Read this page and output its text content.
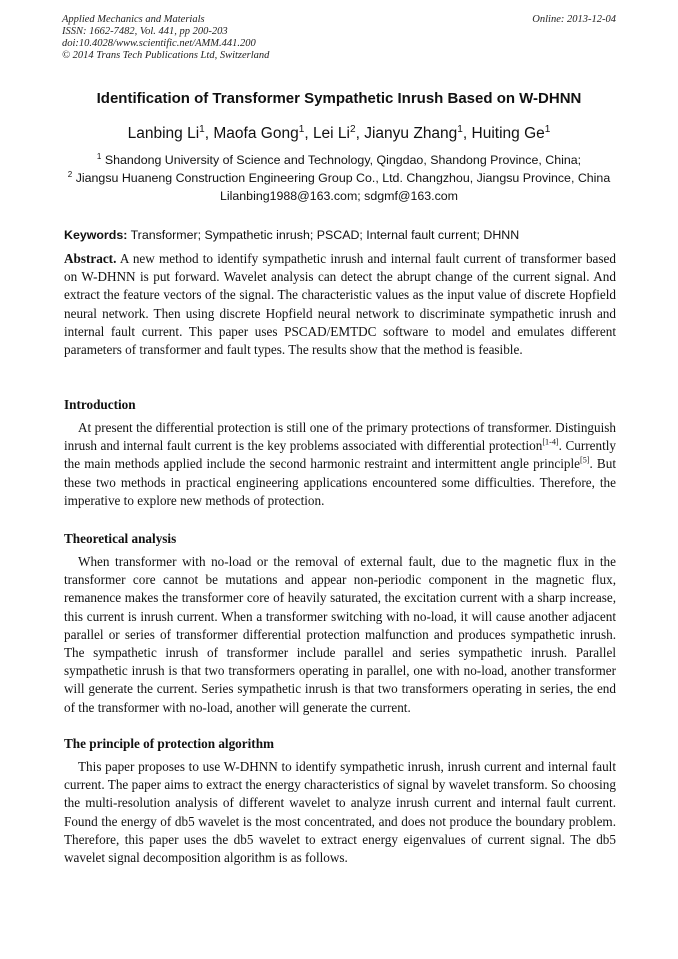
Applied Mechanics and Materials
ISSN: 1662-7482, Vol. 441, pp 200-203
doi:10.4028/www.scientific.net/AMM.441.200
© 2014 Trans Tech Publications Ltd, Switzerland
Online: 2013-12-04
Identification of Transformer Sympathetic Inrush Based on W-DHNN
Lanbing Li$^1$, Maofa Gong$^1$, Lei Li$^2$, Jianyu Zhang$^1$, Huiting Ge$^1$
$^1$ Shandong University of Science and Technology, Qingdao, Shandong Province, China;
$^2$ Jiangsu Huaneng Construction Engineering Group Co., Ltd. Changzhou, Jiangsu Province, China
Lilanbing1988@163.com; sdgmf@163.com
Keywords: Transformer; Sympathetic inrush; PSCAD; Internal fault current; DHNN
Abstract. A new method to identify sympathetic inrush and internal fault current of transformer based on W-DHNN is put forward. Wavelet analysis can detect the abrupt change of the current signal. And extract the feature vectors of the signal. The characteristic values as the input value of discrete Hopfield neural network. Then using discrete Hopfield neural network to discriminate sympathetic inrush and internal fault current. This paper uses PSCAD/EMTDC software to model and emulates different parameters of transformer and fault types. The results show that the method is feasible.
Introduction
At present the differential protection is still one of the primary protections of transformer. Distinguish inrush and internal fault current is the key problems associated with differential protection[1-4]. Currently the main methods applied include the second harmonic restraint and intermittent angle principle[5]. But these two methods in practical engineering applications encountered some difficulties. Therefore, the imperative to explore new methods of protection.
Theoretical analysis
When transformer with no-load or the removal of external fault, due to the magnetic flux in the transformer core cannot be mutations and appear non-periodic component in the magnetic flux, remanence makes the transformer core of heavily saturated, the excitation current with a sharp increase, this current is inrush current. When a transformer switching with no-load, it will cause another adjacent parallel or series of transformer differential protection malfunction and produces sympathetic inrush. The sympathetic inrush of transformer include parallel and series sympathetic inrush. Parallel sympathetic inrush is that two transformers operating in parallel, one with no-load, another transformer will generate the current. Series sympathetic inrush is that two transformers operating in series, the end of the transformer with no-load, another will generate the current.
The principle of protection algorithm
This paper proposes to use W-DHNN to identify sympathetic inrush, inrush current and internal fault current. The paper aims to extract the energy characteristics of signal by wavelet transform. So choosing the multi-resolution analysis of different wavelet to analyze inrush current and internal fault current. Found the energy of db5 wavelet is the most concentrated, and does not produce the boundary problem. Therefore, this paper uses the db5 wavelet to extract energy eigenvalues of current signal. The db5 wavelet signal decomposition algorithm is as follows.
